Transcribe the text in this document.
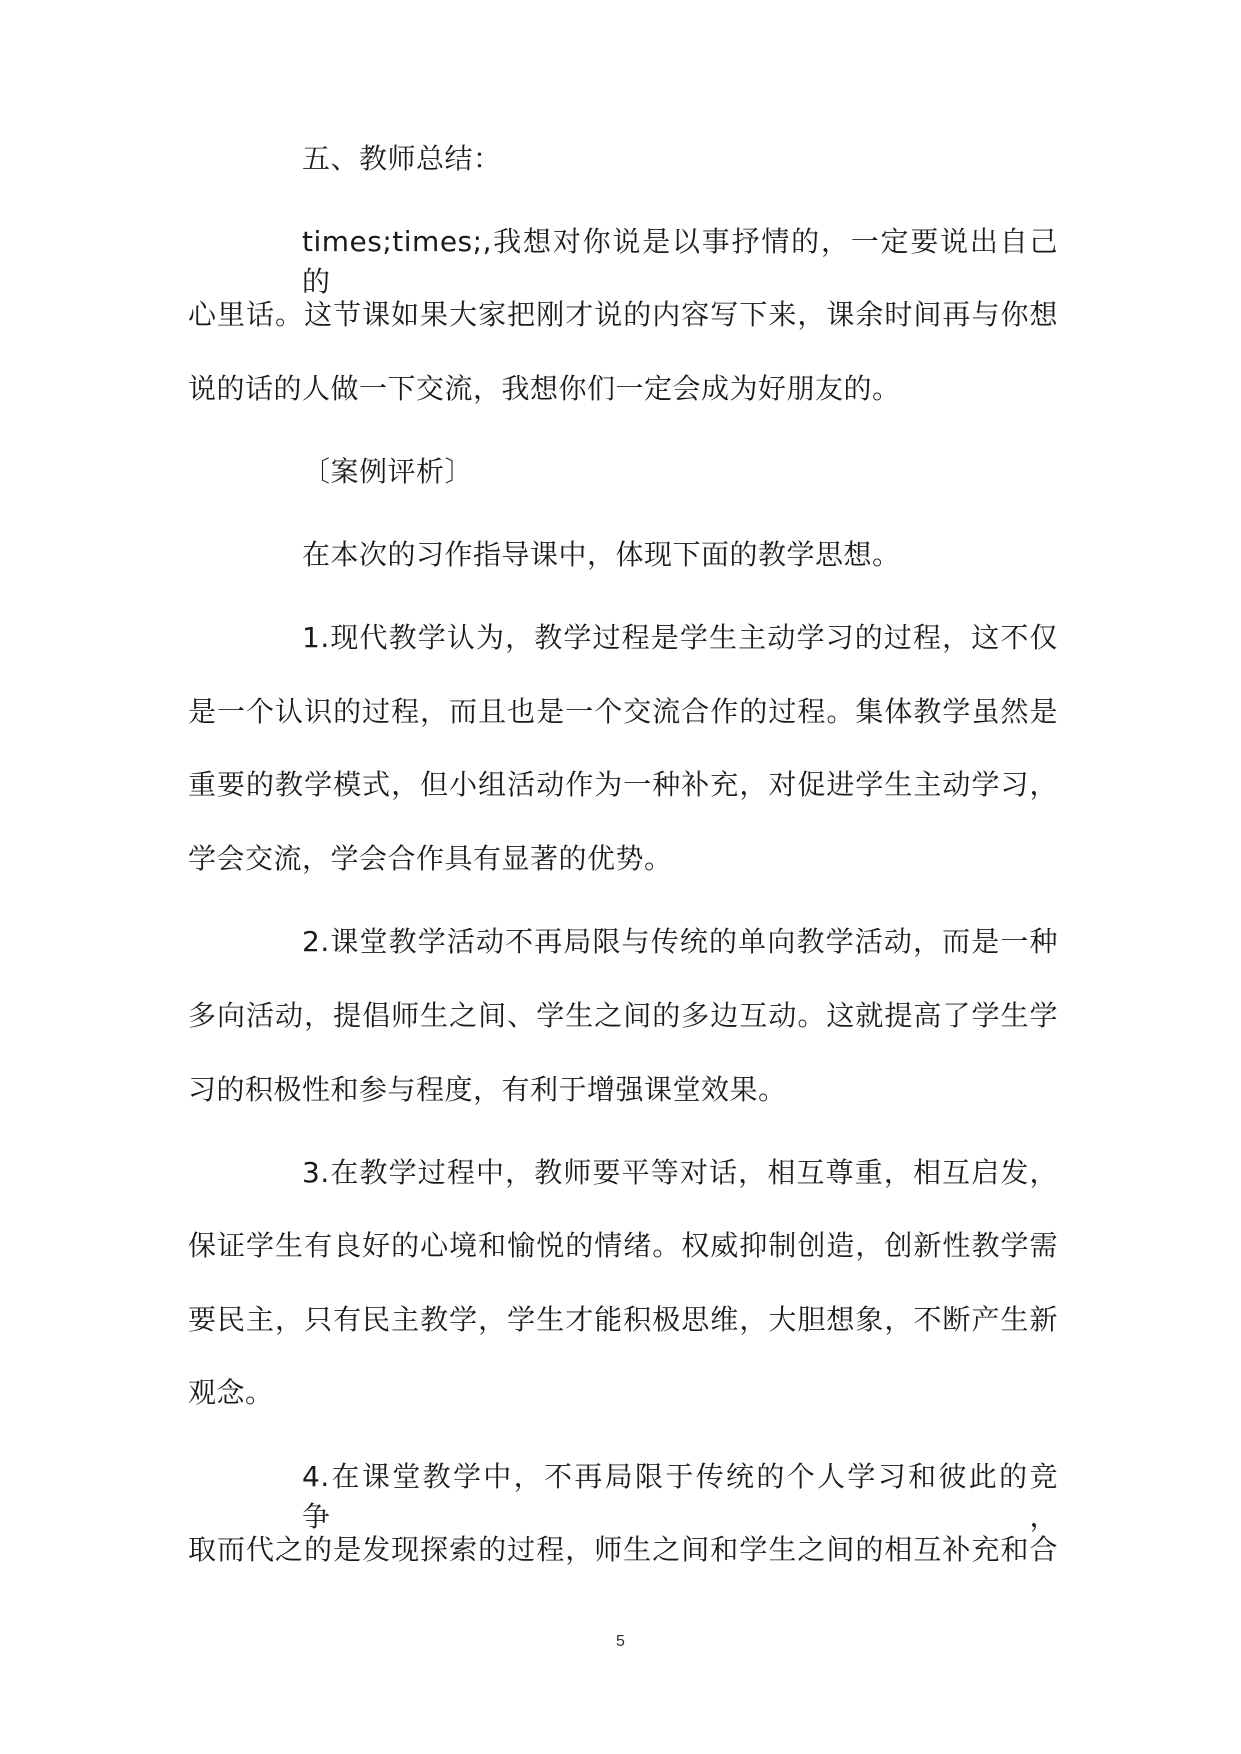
五、教师总结：
times;times;,我想对你说是以事抒情的，一定要说出自己的
心里话。这节课如果大家把刚才说的内容写下来，课余时间再与你想
说的话的人做一下交流，我想你们一定会成为好朋友的。
〔案例评析〕
在本次的习作指导课中，体现下面的教学思想。
1.现代教学认为，教学过程是学生主动学习的过程，这不仅
是一个认识的过程，而且也是一个交流合作的过程。集体教学虽然是
重要的教学模式，但小组活动作为一种补充，对促进学生主动学习，
学会交流，学会合作具有显著的优势。
2.课堂教学活动不再局限与传统的单向教学活动，而是一种
多向活动，提倡师生之间、学生之间的多边互动。这就提高了学生学
习的积极性和参与程度，有利于增强课堂效果。
3.在教学过程中，教师要平等对话，相互尊重，相互启发，
保证学生有良好的心境和愉悦的情绪。权威抑制创造，创新性教学需
要民主，只有民主教学，学生才能积极思维，大胆想象，不断产生新
观念。
4.在课堂教学中，不再局限于传统的个人学习和彼此的竞争，
取而代之的是发现探索的过程，师生之间和学生之间的相互补充和合
5
